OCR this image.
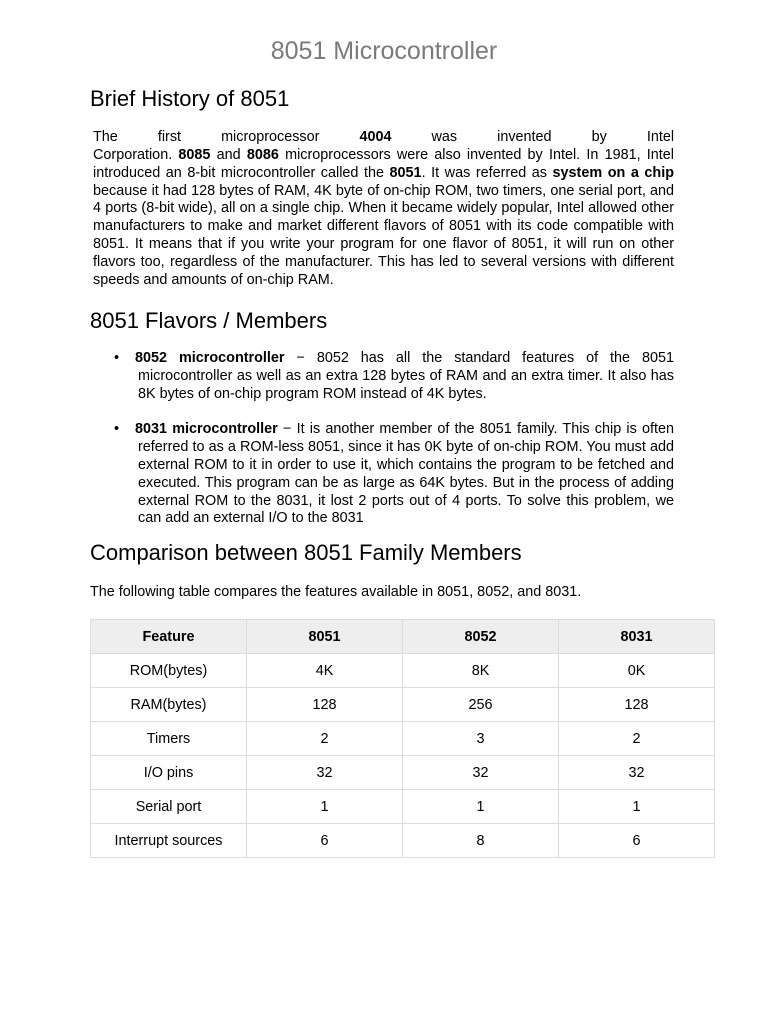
8051 Microcontroller
Brief History of 8051
The	first	microprocessor	4004	was	invented	by	Intel

Corporation. 8085 and 8086 microprocessors were also invented by Intel. In 1981, Intel introduced an 8-bit microcontroller called the 8051. It was referred as system on a chip because it had 128 bytes of RAM, 4K byte of on-chip ROM, two timers, one serial port, and 4 ports (8-bit wide), all on a single chip. When it became widely popular, Intel allowed other manufacturers to make and market different flavors of 8051 with its code compatible with 8051. It means that if you write your program for one flavor of 8051, it will run on other flavors too, regardless of the manufacturer. This has led to several versions with different speeds and amounts of on-chip RAM.

8051 Flavors / Members
• 8052 microcontroller − 8052 has all the standard features of the 8051 microcontroller as well as an extra 128 bytes of RAM and an extra timer. It also has 8K bytes of on-chip program ROM instead of 4K bytes.
• 8031 microcontroller − It is another member of the 8051 family. This chip is often referred to as a ROM-less 8051, since it has 0K byte of on-chip ROM. You must add external ROM to it in order to use it, which contains the program to be fetched and executed. This program can be as large as 64K bytes. But in the process of adding external ROM to the 8031, it lost 2 ports out of 4 ports. To solve this problem, we can add an external I/O to the 8031
Comparison between 8051 Family Members

The following table compares the features available in 8051, 8052, and 8031.

Feature	8051	8052	8031
ROM(bytes)	4K	8K	0K
RAM(bytes)	128	256	128
Timers	2	3	2
I/O pins	32	32	32
Serial port	1	1	1
Interrupt sources	6	8	6
